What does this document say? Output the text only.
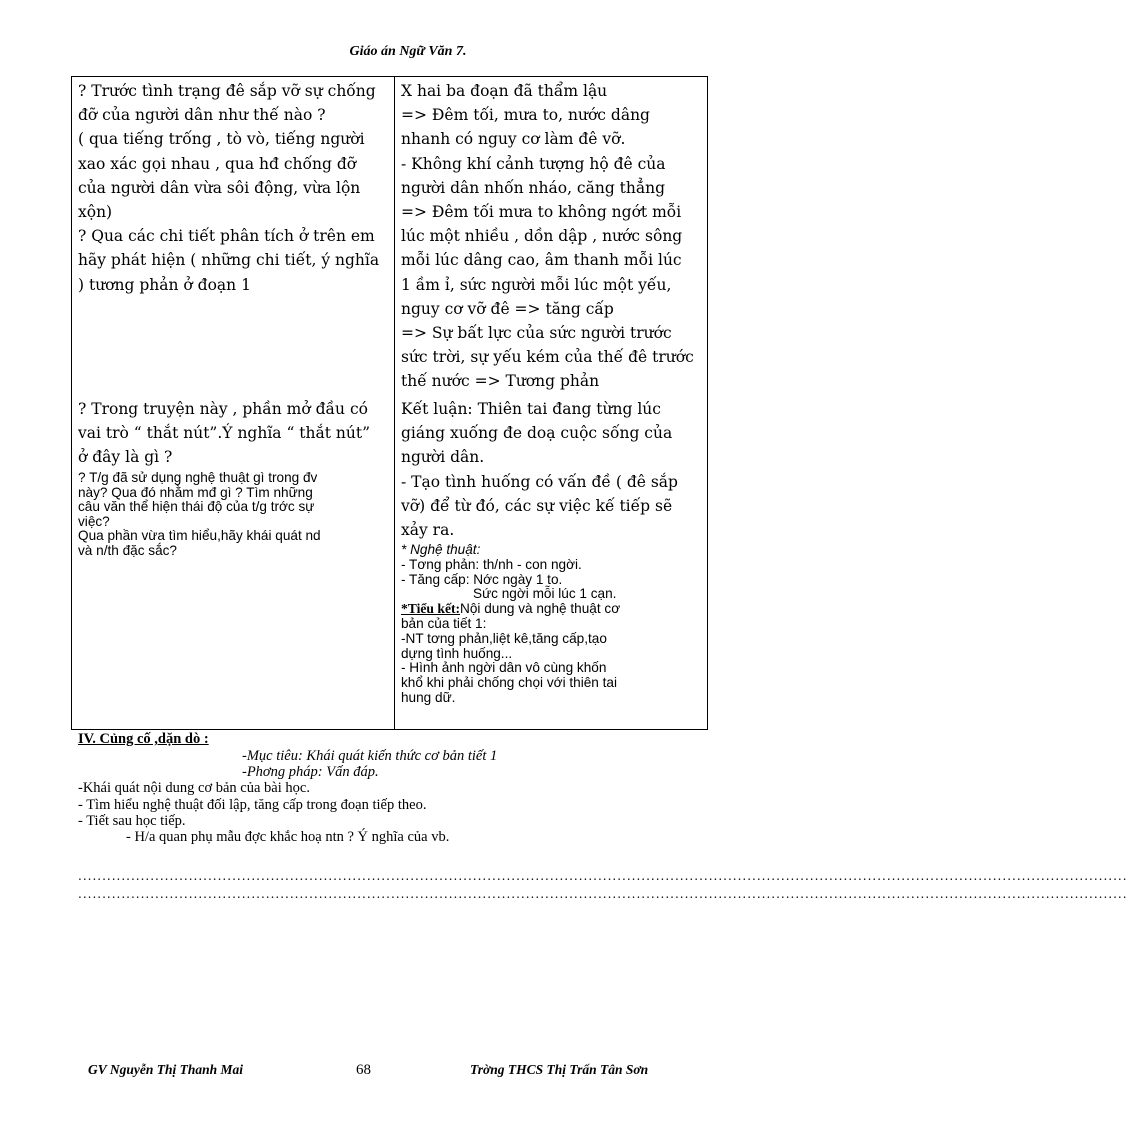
Giáo án Ngữ Văn 7.

? Trước tình trạng đê sắp vỡ sự chống

đỡ của người dân như thế nào ?

( qua tiếng trống , tò vò, tiếng người

xao xác gọi nhau , qua hđ chống đỡ

của người dân vừa sôi động, vừa lộn

xộn)

? Qua các chi tiết phân tích ở trên em

hãy phát hiện ( những chi tiết, ý nghĩa

) tương phản ở đoạn 1

? Trong truyện này , phần mở đầu có

vai trò “ thắt nút”.Ý nghĩa “ thắt nút”

ở đây là gì ?

? T/g đã sử dụng nghệ thuật gì trong đv

này? Qua đó nhằm mđ gì ? Tìm những

câu văn thể hiện thái độ của t/g trớc sự

việc?

Qua phần vừa tìm hiểu,hãy khái quát nd

và n/th đặc sắc?

X hai ba đoạn đã thẩm lậu

=> Đêm tối, mưa to, nước dâng

nhanh có nguy cơ làm đê vỡ.

- Không khí cảnh tượng hộ đê của

người dân nhốn nháo, căng thẳng

=> Đêm tối mưa to không ngớt mỗi

lúc một nhiều , dồn dập , nước sông

mỗi lúc dâng cao, âm thanh mỗi lúc

1 ầm ỉ, sức người mỗi lúc một yếu,

nguy cơ vỡ đê => tăng cấp

=> Sự bất lực của sức người trước

sức trời, sự yếu kém của thế đê trước

thế nước => Tương phản

Kết luận: Thiên tai đang từng lúc

giáng xuống đe doạ cuộc sống của

người dân.

- Tạo tình huống có vấn đề ( đê sắp

vỡ) để từ đó, các sự việc kế tiếp sẽ

xảy ra.

* Nghệ thuật:

- Tơng phản: th/nh - con ngời.

- Tăng cấp: Nớc ngày 1 to.

Sức ngời mỗi lúc 1 cạn.

*Tiểu kết:Nội dung và nghệ thuật cơ

bản của tiết 1:

-NT tơng phản,liệt kê,tăng cấp,tạo

dựng tình huống...

- Hình ảnh ngời dân vô cùng khốn

khổ khi phải chống chọi với thiên tai

hung dữ.

IV. Củng cố ,dặn dò :

-Mục tiêu: Khái quát kiến thức cơ bản tiết 1

-Phơng pháp: Vấn đáp.

-Khái quát nội dung cơ bản của bài học.

- Tìm hiểu nghệ thuật đối lập, tăng cấp trong đoạn tiếp theo.

- Tiết sau học tiếp.

- H/a quan phụ mẫu đợc khắc hoạ ntn ? Ý nghĩa của vb.

..........................................................................................................................................................................................................................
..........................................................................................................................................................................................................................
GV Nguyễn Thị Thanh Mai	68	Trờng THCS Thị Trấn Tân Sơn
